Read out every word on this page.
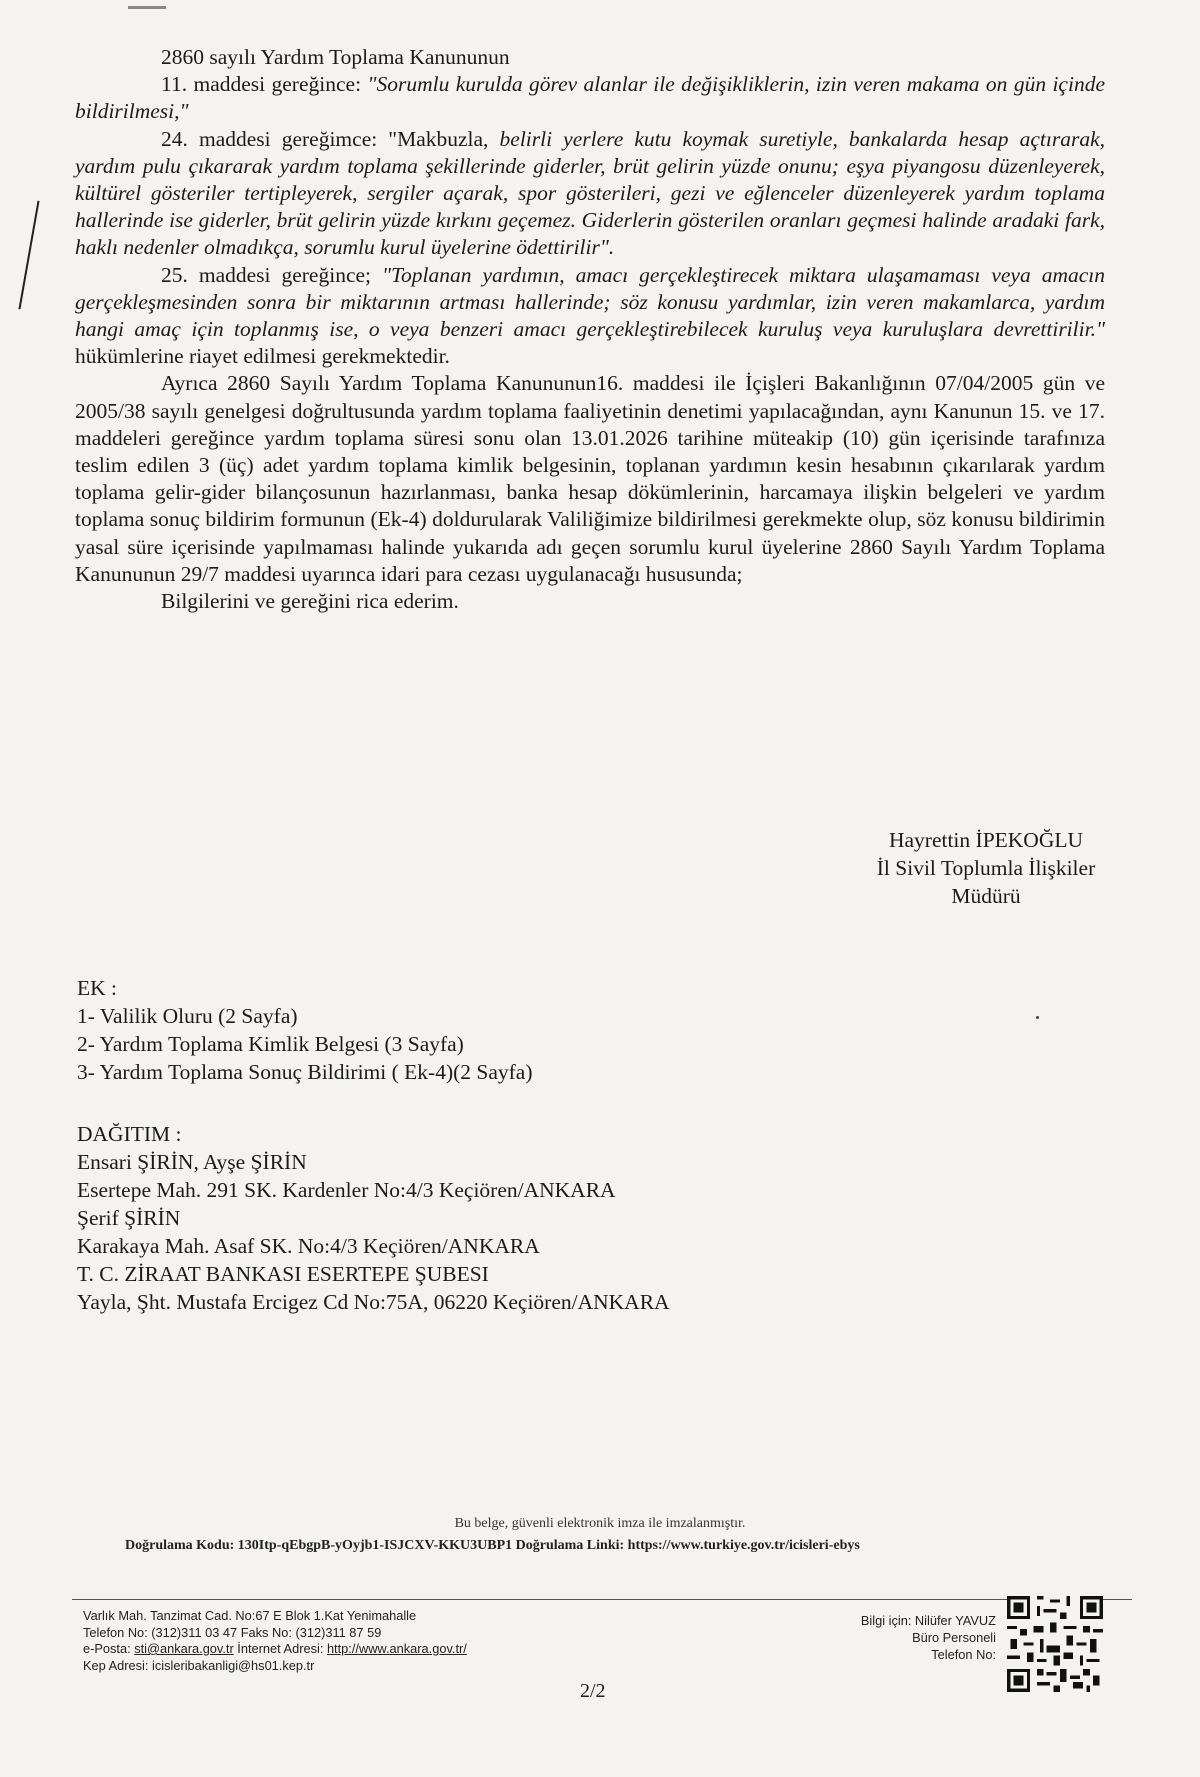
2860 sayılı Yardım Toplama Kanununun

11. maddesi gereğince: "Sorumlu kurulda görev alanlar ile değişikliklerin, izin veren makama on gün içinde bildirilmesi,"

24. maddesi gereğimce: "Makbuzla, belirli yerlere kutu koymak suretiyle, bankalarda hesap açtırarak, yardım pulu çıkararak yardım toplama şekillerinde giderler, brüt gelirin yüzde onunu; eşya piyangosu düzenleyerek, kültürel gösteriler tertipleyerek, sergiler açarak, spor gösterileri, gezi ve eğlenceler düzenleyerek yardım toplama hallerinde ise giderler, brüt gelirin yüzde kırkını geçemez. Giderlerin gösterilen oranları geçmesi halinde aradaki fark, haklı nedenler olmadıkça, sorumlu kurul üyelerine ödettirilir".

25. maddesi gereğince; "Toplanan yardımın, amacı gerçekleştirecek miktara ulaşamaması veya amacın gerçekleşmesinden sonra bir miktarının artması hallerinde; söz konusu yardımlar, izin veren makamlarca, yardım hangi amaç için toplanmış ise, o veya benzeri amacı gerçekleştirebilecek kuruluş veya kuruluşlara devrettirilir." hükümlerine riayet edilmesi gerekmektedir.

Ayrıca 2860 Sayılı Yardım Toplama Kanununun16. maddesi ile İçişleri Bakanlığının 07/04/2005 gün ve 2005/38 sayılı genelgesi doğrultusunda yardım toplama faaliyetinin denetimi yapılacağından, aynı Kanunun 15. ve 17. maddeleri gereğince yardım toplama süresi sonu olan 13.01.2026 tarihine müteakip (10) gün içerisinde tarafınıza teslim edilen 3 (üç) adet yardım toplama kimlik belgesinin, toplanan yardımın kesin hesabının çıkarılarak yardım toplama gelir-gider bilançosunun hazırlanması, banka hesap dökümlerinin, harcamaya ilişkin belgeleri ve yardım toplama sonuç bildirim formunun (Ek-4) doldurularak Valiliğimize bildirilmesi gerekmekte olup, söz konusu bildirimin yasal süre içerisinde yapılmaması halinde yukarıda adı geçen sorumlu kurul üyelerine 2860 Sayılı Yardım Toplama Kanununun 29/7 maddesi uyarınca idari para cezası uygulanacağı hususunda;

Bilgilerini ve gereğini rica ederim.

Hayrettin İPEKOĞLU
İl Sivil Toplumla İlişkiler
Müdürü
EK :
1- Valilik Oluru (2 Sayfa)
2- Yardım Toplama Kimlik Belgesi (3 Sayfa)
3- Yardım Toplama Sonuç Bildirimi ( Ek-4)(2 Sayfa)
DAĞITIM :
Ensari ŞİRİN, Ayşe ŞİRİN
Esertepe Mah. 291 SK. Kardenler No:4/3 Keçiören/ANKARA
Şerif ŞİRİN
Karakaya Mah. Asaf SK. No:4/3 Keçiören/ANKARA
T. C. ZİRAAT BANKASI ESERTEPE ŞUBESI
Yayla, Şht. Mustafa Ercigez Cd No:75A, 06220 Keçiören/ANKARA
Bu belge, güvenli elektronik imza ile imzalanmıştır.
Doğrulama Kodu: 130Itp-qEbgpB-yOyjb1-ISJCXV-KKU3UBP1 Doğrulama Linki: https://www.turkiye.gov.tr/icisleri-ebys
Varlık Mah. Tanzimat Cad. No:67 E Blok 1.Kat Yenimahalle
Telefon No: (312)311 03 47 Faks No: (312)311 87 59
e-Posta: sti@ankara.gov.tr İnternet Adresi: http://www.ankara.gov.tr/
Kep Adresi: icisleribakanligi@hs01.kep.tr
Bilgi için: Nilüfer YAVUZ
Büro Personeli
Telefon No:
2/2
